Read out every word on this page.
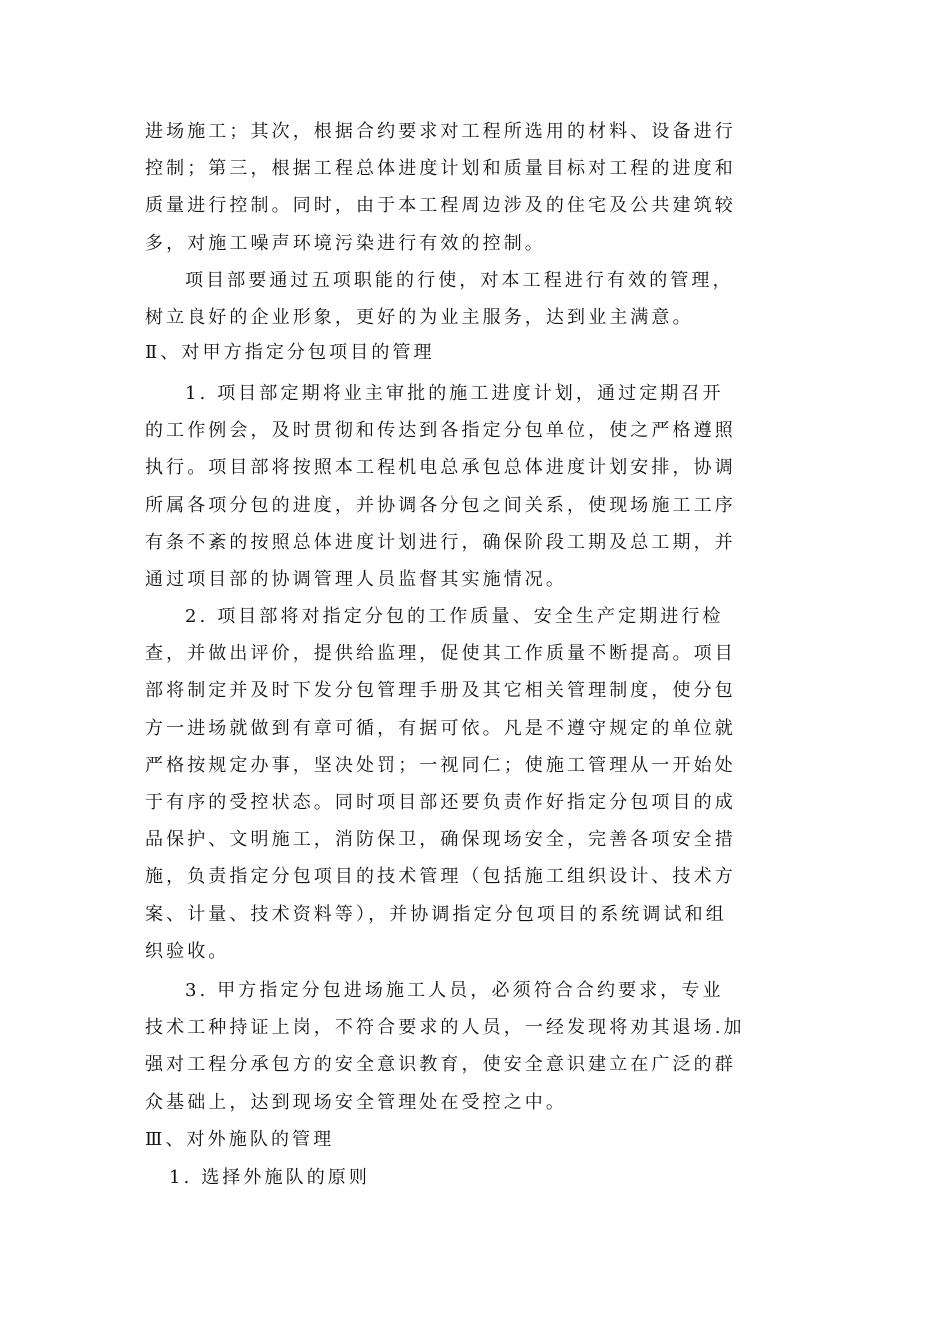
进场施工；其次，根据合约要求对工程所选用的材料、设备进行
控制；第三，根据工程总体进度计划和质量目标对工程的进度和
质量进行控制。同时，由于本工程周边涉及的住宅及公共建筑较
多，对施工噪声环境污染进行有效的控制。
项目部要通过五项职能的行使，对本工程进行有效的管理，
树立良好的企业形象，更好的为业主服务，达到业主满意。
Ⅱ、对甲方指定分包项目的管理
1. 项目部定期将业主审批的施工进度计划，通过定期召开
的工作例会，及时贯彻和传达到各指定分包单位，使之严格遵照
执行。项目部将按照本工程机电总承包总体进度计划安排，协调
所属各项分包的进度，并协调各分包之间关系，使现场施工工序
有条不紊的按照总体进度计划进行，确保阶段工期及总工期，并
通过项目部的协调管理人员监督其实施情况。
2. 项目部将对指定分包的工作质量、安全生产定期进行检
查，并做出评价，提供给监理，促使其工作质量不断提高。项目
部将制定并及时下发分包管理手册及其它相关管理制度，使分包
方一进场就做到有章可循，有据可依。凡是不遵守规定的单位就
严格按规定办事，坚决处罚；一视同仁；使施工管理从一开始处
于有序的受控状态。同时项目部还要负责作好指定分包项目的成
品保护、文明施工，消防保卫，确保现场安全，完善各项安全措
施，负责指定分包项目的技术管理（包括施工组织设计、技术方
案、计量、技术资料等），并协调指定分包项目的系统调试和组
织验收。
3. 甲方指定分包进场施工人员，必须符合合约要求，专业
技术工种持证上岗，不符合要求的人员，一经发现将劝其退场.加
强对工程分承包方的安全意识教育，使安全意识建立在广泛的群
众基础上，达到现场安全管理处在受控之中。
Ⅲ、对外施队的管理
1. 选择外施队的原则
